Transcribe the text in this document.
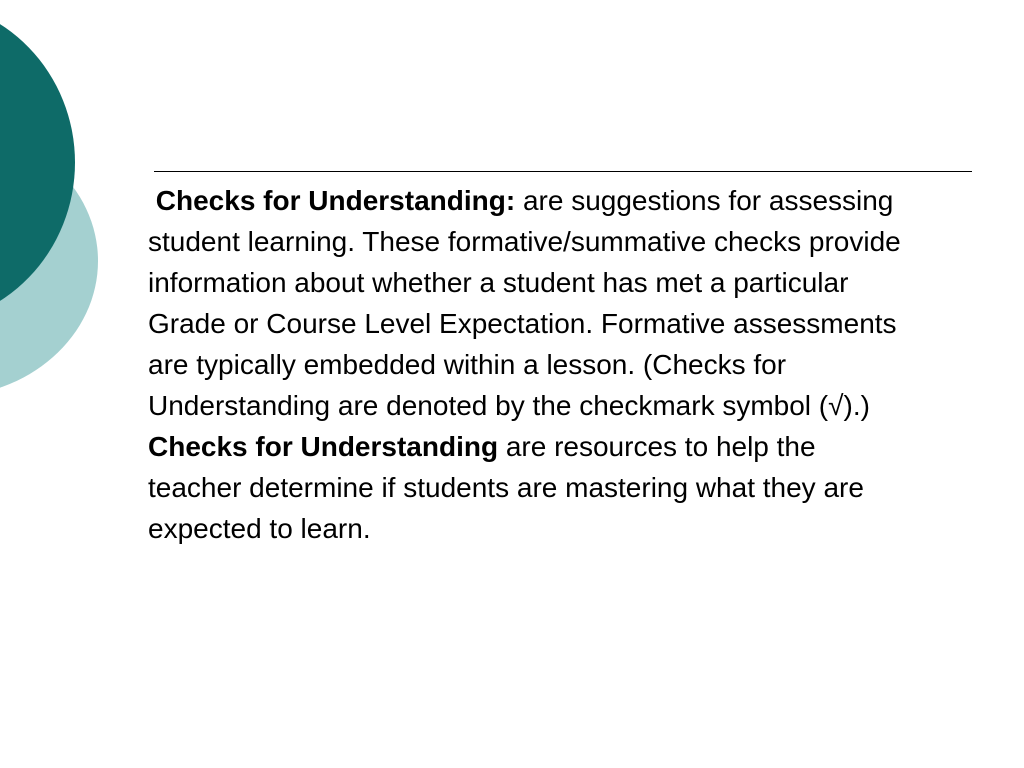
Checks for Understanding: are suggestions for assessing student learning. These formative/summative checks provide information about whether a student has met a particular Grade or Course Level Expectation. Formative assessments are typically embedded within a lesson. (Checks for Understanding are denoted by the checkmark symbol (√).) Checks for Understanding are resources to help the teacher determine if students are mastering what they are expected to learn.
